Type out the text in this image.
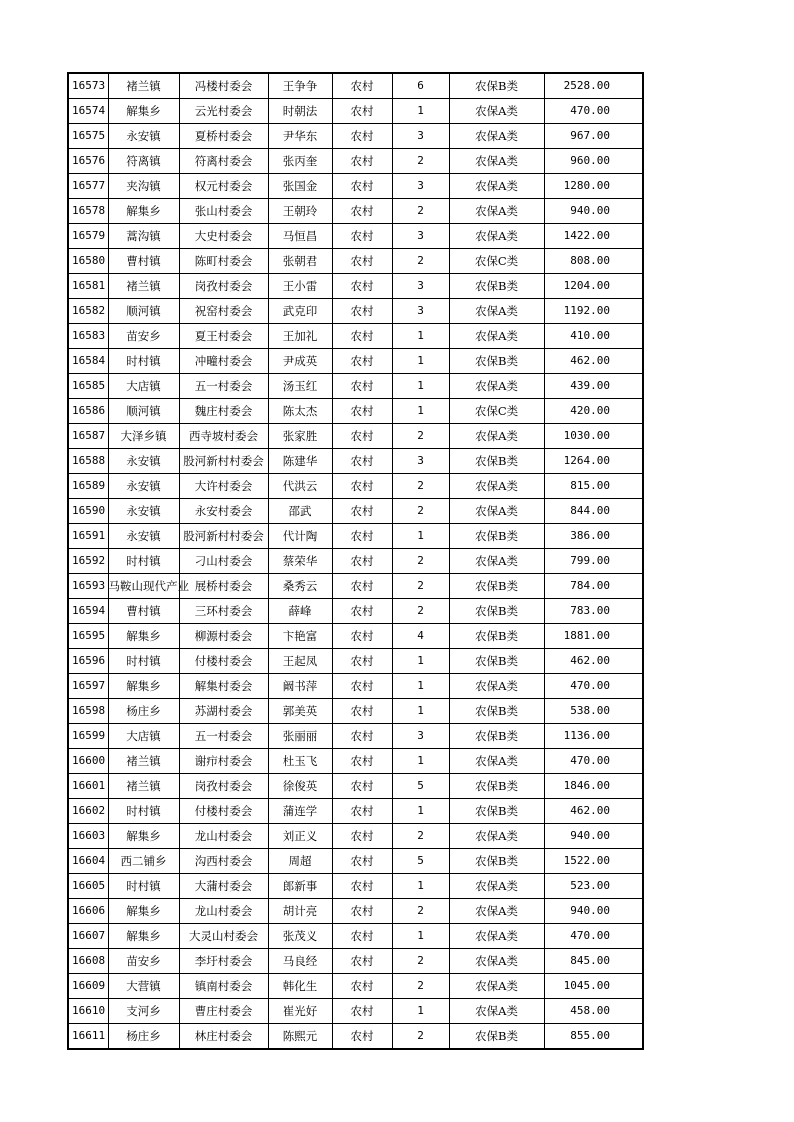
16573	褚兰镇	冯楼村委会	王争争	农村	6	农保B类	2528.00
16574	解集乡	云光村委会	时朝法	农村	1	农保A类	470.00
16575	永安镇	夏桥村委会	尹华东	农村	3	农保A类	967.00
16576	符离镇	符离村委会	张丙奎	农村	2	农保A类	960.00
16577	夹沟镇	权元村委会	张国金	农村	3	农保A类	1280.00
16578	解集乡	张山村委会	王朝玲	农村	2	农保A类	940.00
16579	蒿沟镇	大史村委会	马恒昌	农村	3	农保A类	1422.00
16580	曹村镇	陈町村委会	张朝君	农村	2	农保C类	808.00
16581	褚兰镇	岗孜村委会	王小雷	农村	3	农保B类	1204.00
16582	顺河镇	祝窑村委会	武克印	农村	3	农保A类	1192.00
16583	苗安乡	夏王村委会	王加礼	农村	1	农保A类	410.00
16584	时村镇	冲疃村委会	尹成英	农村	1	农保B类	462.00
16585	大店镇	五一村委会	汤玉红	农村	1	农保A类	439.00
16586	顺河镇	魏庄村委会	陈太杰	农村	1	农保C类	420.00
16587	大泽乡镇	西寺坡村委会	张家胜	农村	2	农保A类	1030.00
16588	永安镇	股河新村村委会	陈建华	农村	3	农保B类	1264.00
16589	永安镇	大许村委会	代洪云	农村	2	农保A类	815.00
16590	永安镇	永安村委会	邵武	农村	2	农保A类	844.00
16591	永安镇	股河新村村委会	代计陶	农村	1	农保B类	386.00
16592	时村镇	刁山村委会	蔡荣华	农村	2	农保A类	799.00
16593	马鞍山现代产业	展桥村委会	桑秀云	农村	2	农保B类	784.00
16594	曹村镇	三环村委会	薛峰	农村	2	农保B类	783.00
16595	解集乡	柳源村委会	卞艳富	农村	4	农保B类	1881.00
16596	时村镇	付楼村委会	王起凤	农村	1	农保B类	462.00
16597	解集乡	解集村委会	阚书萍	农村	1	农保A类	470.00
16598	杨庄乡	苏湖村委会	郭美英	农村	1	农保B类	538.00
16599	大店镇	五一村委会	张丽丽	农村	3	农保B类	1136.00
16600	褚兰镇	谢疖村委会	杜玉飞	农村	1	农保A类	470.00
16601	褚兰镇	岗孜村委会	徐俊英	农村	5	农保B类	1846.00
16602	时村镇	付楼村委会	蒲连学	农村	1	农保B类	462.00
16603	解集乡	龙山村委会	刘正义	农村	2	农保A类	940.00
16604	西二铺乡	沟西村委会	周超	农村	5	农保B类	1522.00
16605	时村镇	大蒲村委会	郎新事	农村	1	农保A类	523.00
16606	解集乡	龙山村委会	胡计亮	农村	2	农保A类	940.00
16607	解集乡	大灵山村委会	张茂义	农村	1	农保A类	470.00
16608	苗安乡	李圩村委会	马良经	农村	2	农保A类	845.00
16609	大营镇	镇南村委会	韩化生	农村	2	农保A类	1045.00
16610	支河乡	曹庄村委会	崔光好	农村	1	农保A类	458.00
16611	杨庄乡	林庄村委会	陈熙元	农村	2	农保B类	855.00
